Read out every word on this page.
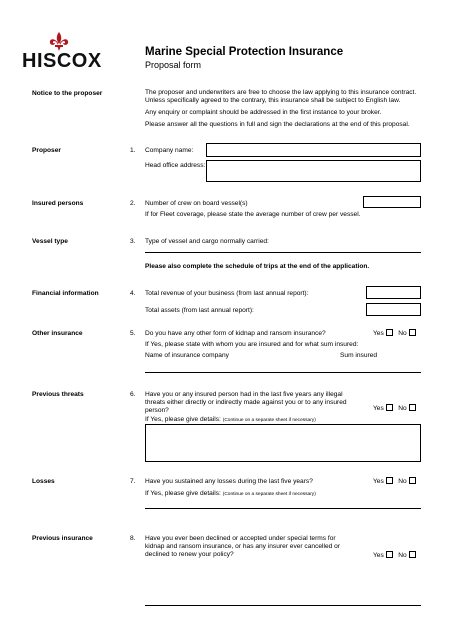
HISCOX	Marine Special Protection Insurance
Proposal form
Notice to the proposer	The proposer and underwriters are free to choose the law applying to this insurance contract.
Unless specifically agreed to the contrary, this insurance shall be subject to English law.
Any enquiry or complaint should be addressed in the first instance to your broker.
Please answer all the questions in full and sign the declarations at the end of this proposal.
Proposer	1. Company name:
Head office address:
Insured persons	2. Number of crew on board vessel(s)
If for Fleet coverage, please state the average number of crew per vessel.
Vessel type	3. Type of vessel and cargo normally carried:
Please also complete the schedule of trips at the end of the application.
Financial information	4. Total revenue of your business (from last annual report):
Total assets (from last annual report):
Other insurance	5. Do you have any other form of kidnap and ransom insurance?	Yes No
If Yes, please state with whom you are insured and for what sum insured:
Name of insurance company	Sum insured
Previous threats	6. Have you or any insured person had in the last five years any illegal
threats either directly or indirectly made against you or to any insured
person?	Yes No
If Yes, please give details: (Continue on a separate sheet if necessary)
Losses	7. Have you sustained any losses during the last five years?	Yes No
If Yes, please give details: (Continue on a separate sheet if necessary)
Previous insurance	8. Have you ever been declined or accepted under special terms for
kidnap and ransom insurance, or has any insurer ever cancelled or
declined to renew your policy?	Yes No
